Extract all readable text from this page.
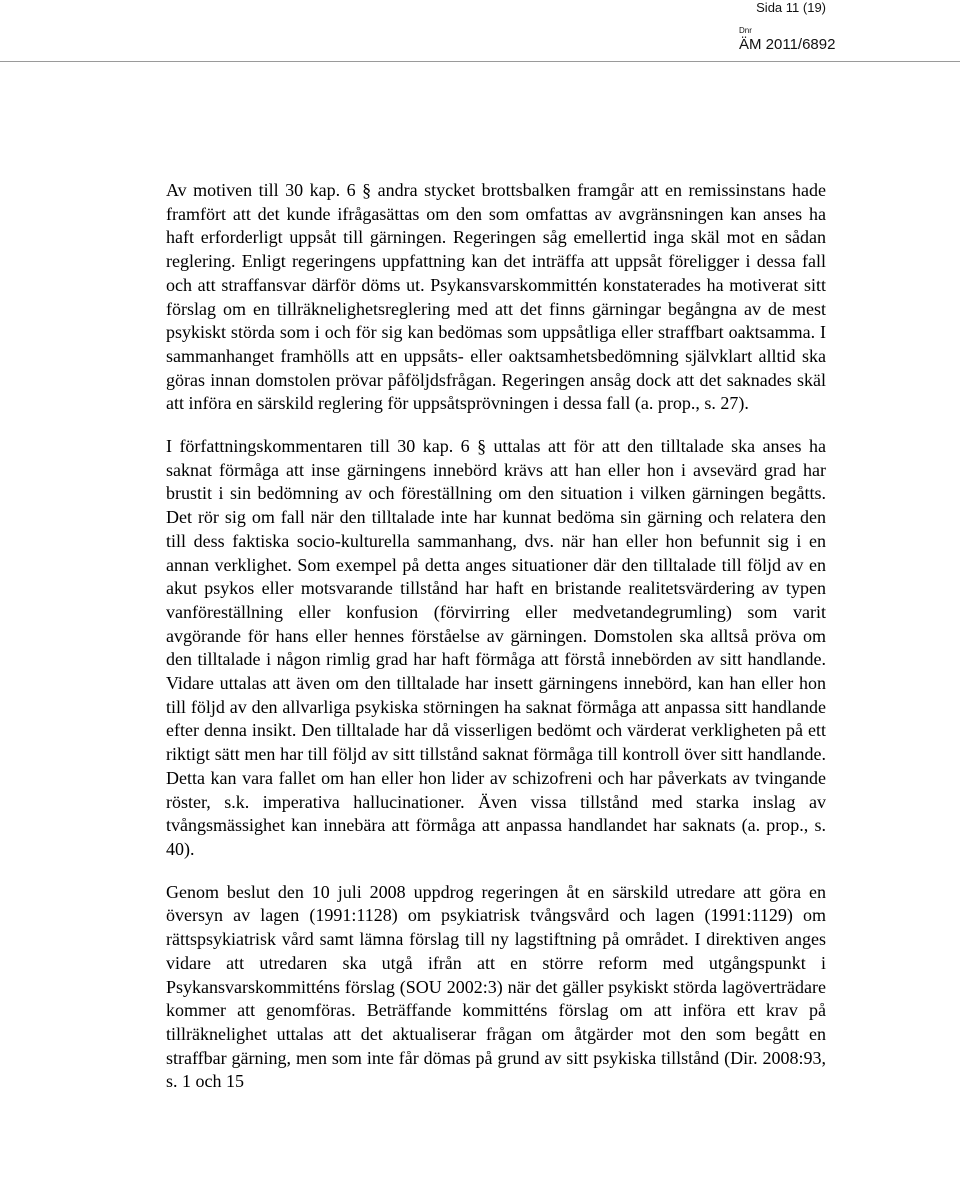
Sida 11 (19)
Dnr
ÄM 2011/6892

Av motiven till 30 kap. 6 § andra stycket brottsbalken framgår att en remissinstans hade framfört att det kunde ifrågasättas om den som omfattas av avgränsningen kan anses ha haft erforderligt uppsåt till gärningen. Regeringen såg emellertid inga skäl mot en sådan reglering. Enligt regeringens uppfattning kan det inträffa att uppsåt föreligger i dessa fall och att straffansvar därför döms ut. Psykansvarskommittén konstaterades ha motiverat sitt förslag om en tillräknelighetsreglering med att det finns gärningar begångna av de mest psykiskt störda som i och för sig kan bedömas som uppsåtliga eller straffbart oaktsamma. I sammanhanget framhölls att en uppsåts- eller oaktsamhetsbedömning självklart alltid ska göras innan domstolen prövar påföljdsfrågan. Regeringen ansåg dock att det saknades skäl att införa en särskild reglering för uppsåtsprövningen i dessa fall (a. prop., s. 27).

I författningskommentaren till 30 kap. 6 § uttalas att för att den tilltalade ska anses ha saknat förmåga att inse gärningens innebörd krävs att han eller hon i avsevärd grad har brustit i sin bedömning av och föreställning om den situation i vilken gärningen begåtts. Det rör sig om fall när den tilltalade inte har kunnat bedöma sin gärning och relatera den till dess faktiska socio-kulturella sammanhang, dvs. när han eller hon befunnit sig i en annan verklighet. Som exempel på detta anges situationer där den tilltalade till följd av en akut psykos eller motsvarande tillstånd har haft en bristande realitetsvärdering av typen vanföreställning eller konfusion (förvirring eller medvetandegrumling) som varit avgörande för hans eller hennes förståelse av gärningen. Domstolen ska alltså pröva om den tilltalade i någon rimlig grad har haft förmåga att förstå innebörden av sitt handlande. Vidare uttalas att även om den tilltalade har insett gärningens innebörd, kan han eller hon till följd av den allvarliga psykiska störningen ha saknat förmåga att anpassa sitt handlande efter denna insikt. Den tilltalade har då visserligen bedömt och värderat verkligheten på ett riktigt sätt men har till följd av sitt tillstånd saknat förmåga till kontroll över sitt handlande. Detta kan vara fallet om han eller hon lider av schizofreni och har påverkats av tvingande röster, s.k. imperativa hallucinationer. Även vissa tillstånd med starka inslag av tvångsmässighet kan innebära att förmåga att anpassa handlandet har saknats (a. prop., s. 40).

Genom beslut den 10 juli 2008 uppdrog regeringen åt en särskild utredare att göra en översyn av lagen (1991:1128) om psykiatrisk tvångsvård och lagen (1991:1129) om rättspsykiatrisk vård samt lämna förslag till ny lagstiftning på området. I direktiven anges vidare att utredaren ska utgå ifrån att en större reform med utgångspunkt i Psykansvarskommitténs förslag (SOU 2002:3) när det gäller psykiskt störda lagöverträdare kommer att genomföras. Beträffande kommitténs förslag om att införa ett krav på tillräknelighet uttalas att det aktualiserar frågan om åtgärder mot den som begått en straffbar gärning, men som inte får dömas på grund av sitt psykiska tillstånd (Dir. 2008:93, s. 1 och 15
